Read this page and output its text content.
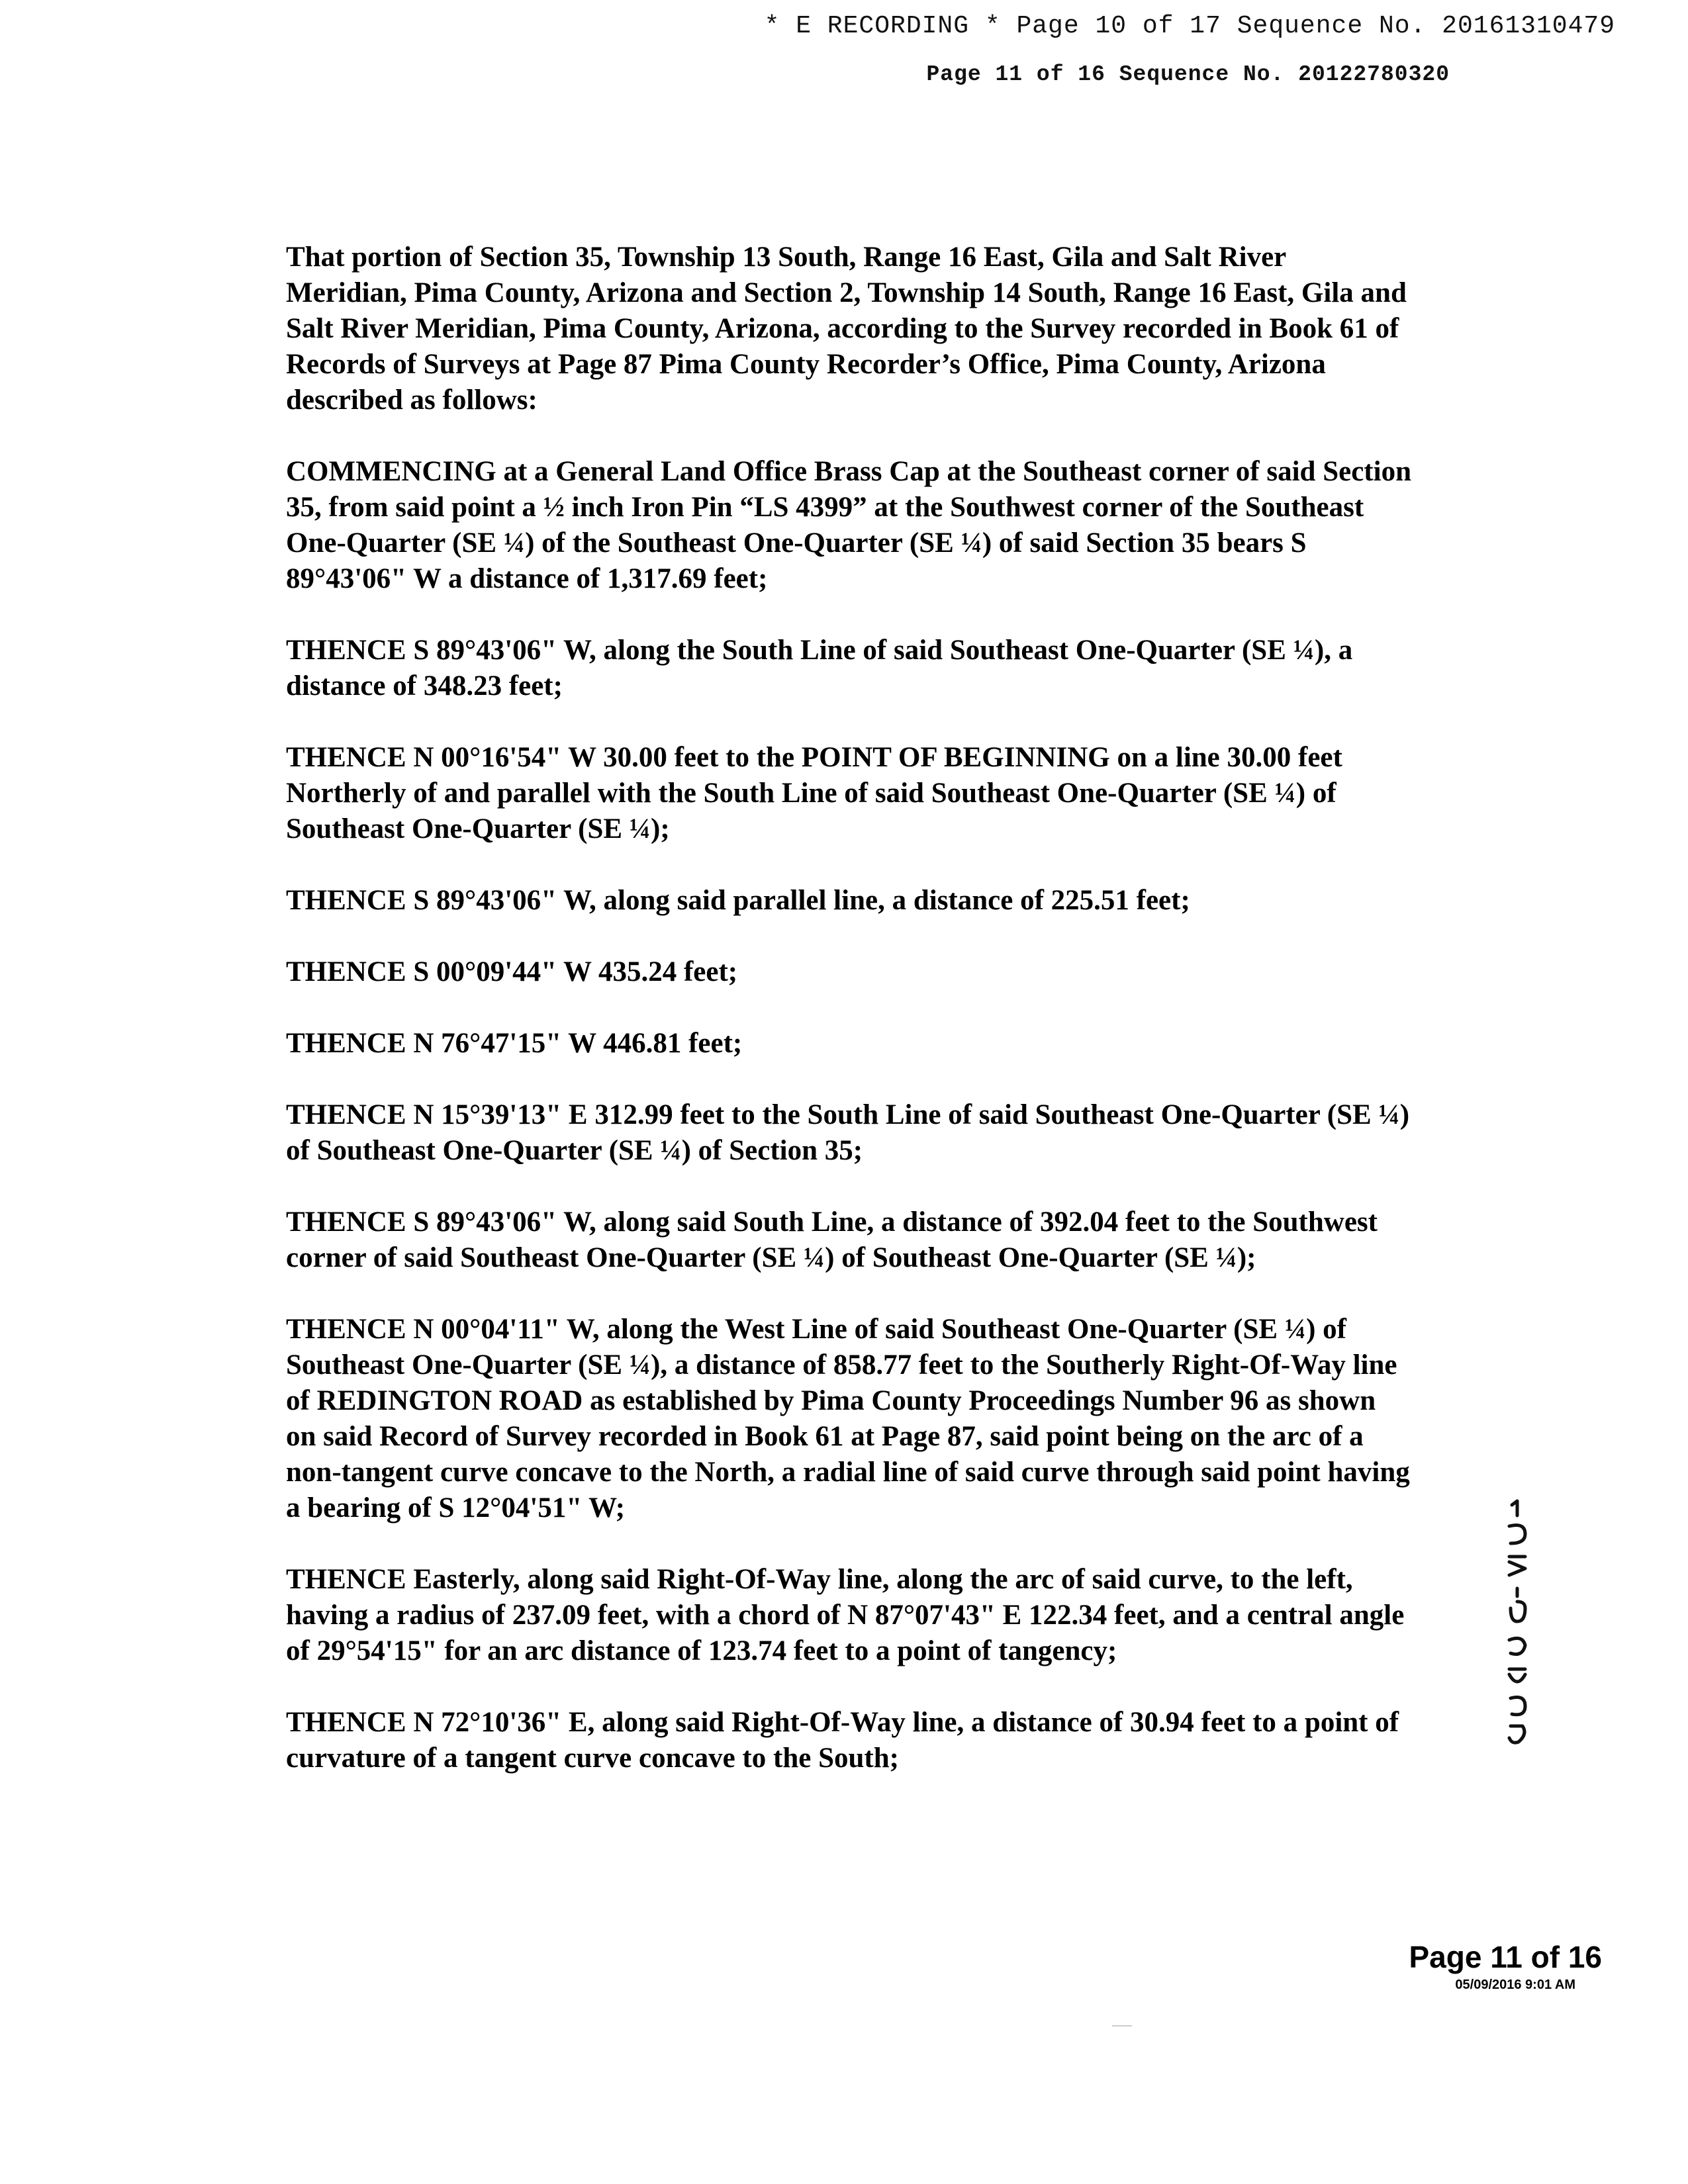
* E RECORDING * Page 10 of 17 Sequence No. 20161310479
Page 11 of 16 Sequence No. 20122780320

That portion of Section 35, Township 13 South, Range 16 East, Gila and Salt River Meridian, Pima County, Arizona and Section 2, Township 14 South, Range 16 East, Gila and Salt River Meridian, Pima County, Arizona, according to the Survey recorded in Book 61 of Records of Surveys at Page 87 Pima County Recorder’s Office, Pima County, Arizona described as follows:

COMMENCING at a General Land Office Brass Cap at the Southeast corner of said Section 35, from said point a ½ inch Iron Pin “LS 4399” at the Southwest corner of the Southeast One-Quarter (SE ¼) of the Southeast One-Quarter (SE ¼) of said Section 35 bears S 89°43'06" W a distance of 1,317.69 feet;

THENCE S 89°43'06" W, along the South Line of said Southeast One-Quarter (SE ¼), a distance of 348.23 feet;

THENCE N 00°16'54" W 30.00 feet to the POINT OF BEGINNING on a line 30.00 feet Northerly of and parallel with the South Line of said Southeast One-Quarter (SE ¼) of Southeast One-Quarter (SE ¼);

THENCE S 89°43'06" W, along said parallel line, a distance of 225.51 feet;

THENCE S 00°09'44" W 435.24 feet;

THENCE N 76°47'15" W 446.81 feet;

THENCE N 15°39'13" E 312.99 feet to the South Line of said Southeast One-Quarter (SE ¼) of Southeast One-Quarter (SE ¼) of Section 35;

THENCE S 89°43'06" W, along said South Line, a distance of 392.04 feet to the Southwest corner of said Southeast One-Quarter (SE ¼) of Southeast One-Quarter (SE ¼);

THENCE N 00°04'11" W, along the West Line of said Southeast One-Quarter (SE ¼) of Southeast One-Quarter (SE ¼), a distance of 858.77 feet to the Southerly Right-Of-Way line of REDINGTON ROAD as established by Pima County Proceedings Number 96 as shown on said Record of Survey recorded in Book 61 at Page 87, said point being on the arc of a non-tangent curve concave to the North, a radial line of said curve through said point having a bearing of S 12°04'51" W;

THENCE Easterly, along said Right-Of-Way line, along the arc of said curve, to the left, having a radius of 237.09 feet, with a chord of N 87°07'43" E 122.34 feet, and a central angle of 29°54'15" for an arc distance of 123.74 feet to a point of tangency;

THENCE N 72°10'36" E, along said Right-Of-Way line, a distance of 30.94 feet to a point of curvature of a tangent curve concave to the South;

Page 11 of 16
05/09/2016 9:01 AM
